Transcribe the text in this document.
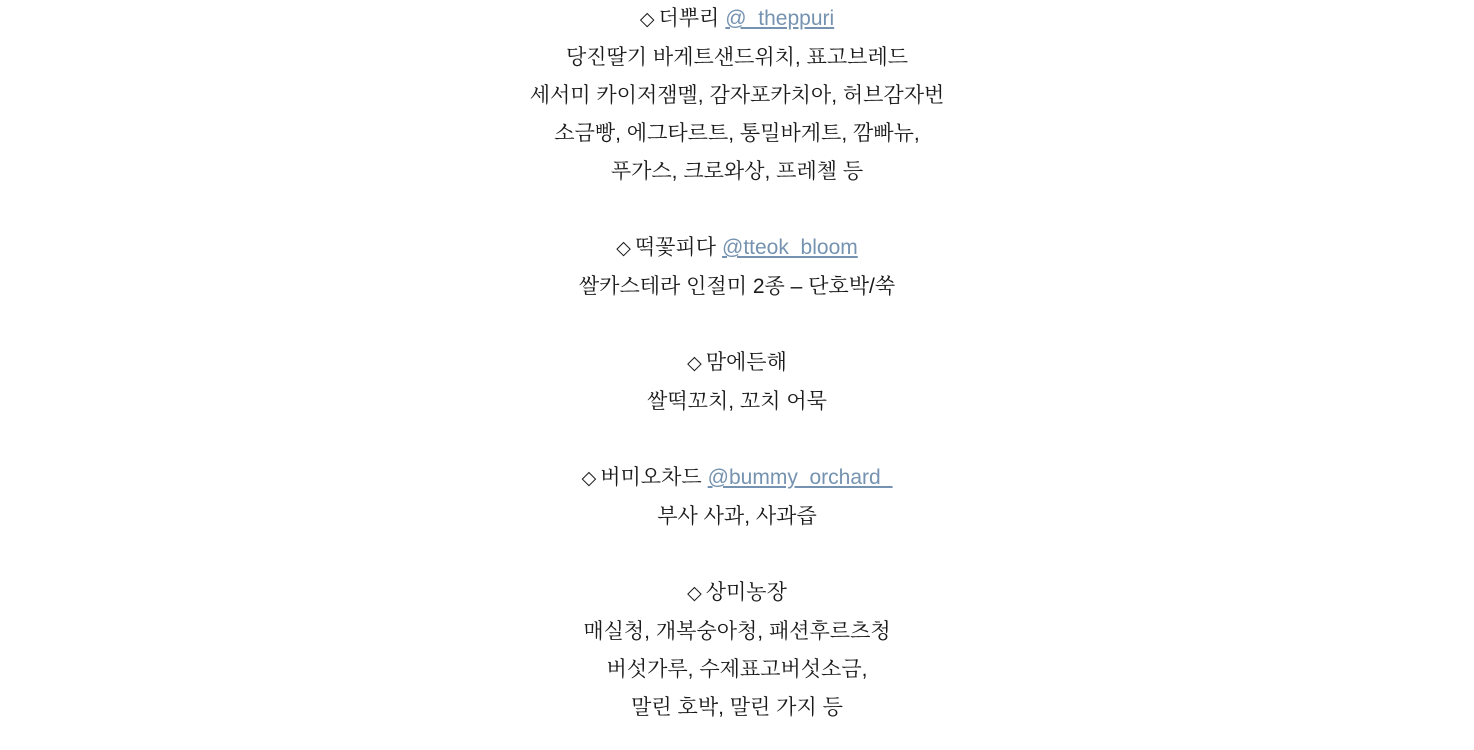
◇ 더뿌리 @_theppuri
당진딸기 바게트샌드위치, 표고브레드
세서미 카이저잼멜, 감자포카치아, 허브감자번
소금빵, 에그타르트, 통밀바게트, 깜빠뉴,
푸가스, 크로와상, 프레첼 등
◇ 떡꽃피다 @tteok_bloom
쌀카스테라 인절미 2종 – 단호박/쑥
◇ 맘에든해
쌀떡꼬치, 꼬치 어묵
◇ 버미오차드 @bummy_orchard_
부사 사과, 사과즙
◇ 상미농장
매실청, 개복숭아청, 패션후르츠청
버섯가루, 수제표고버섯소금,
말린 호박, 말린 가지 등
